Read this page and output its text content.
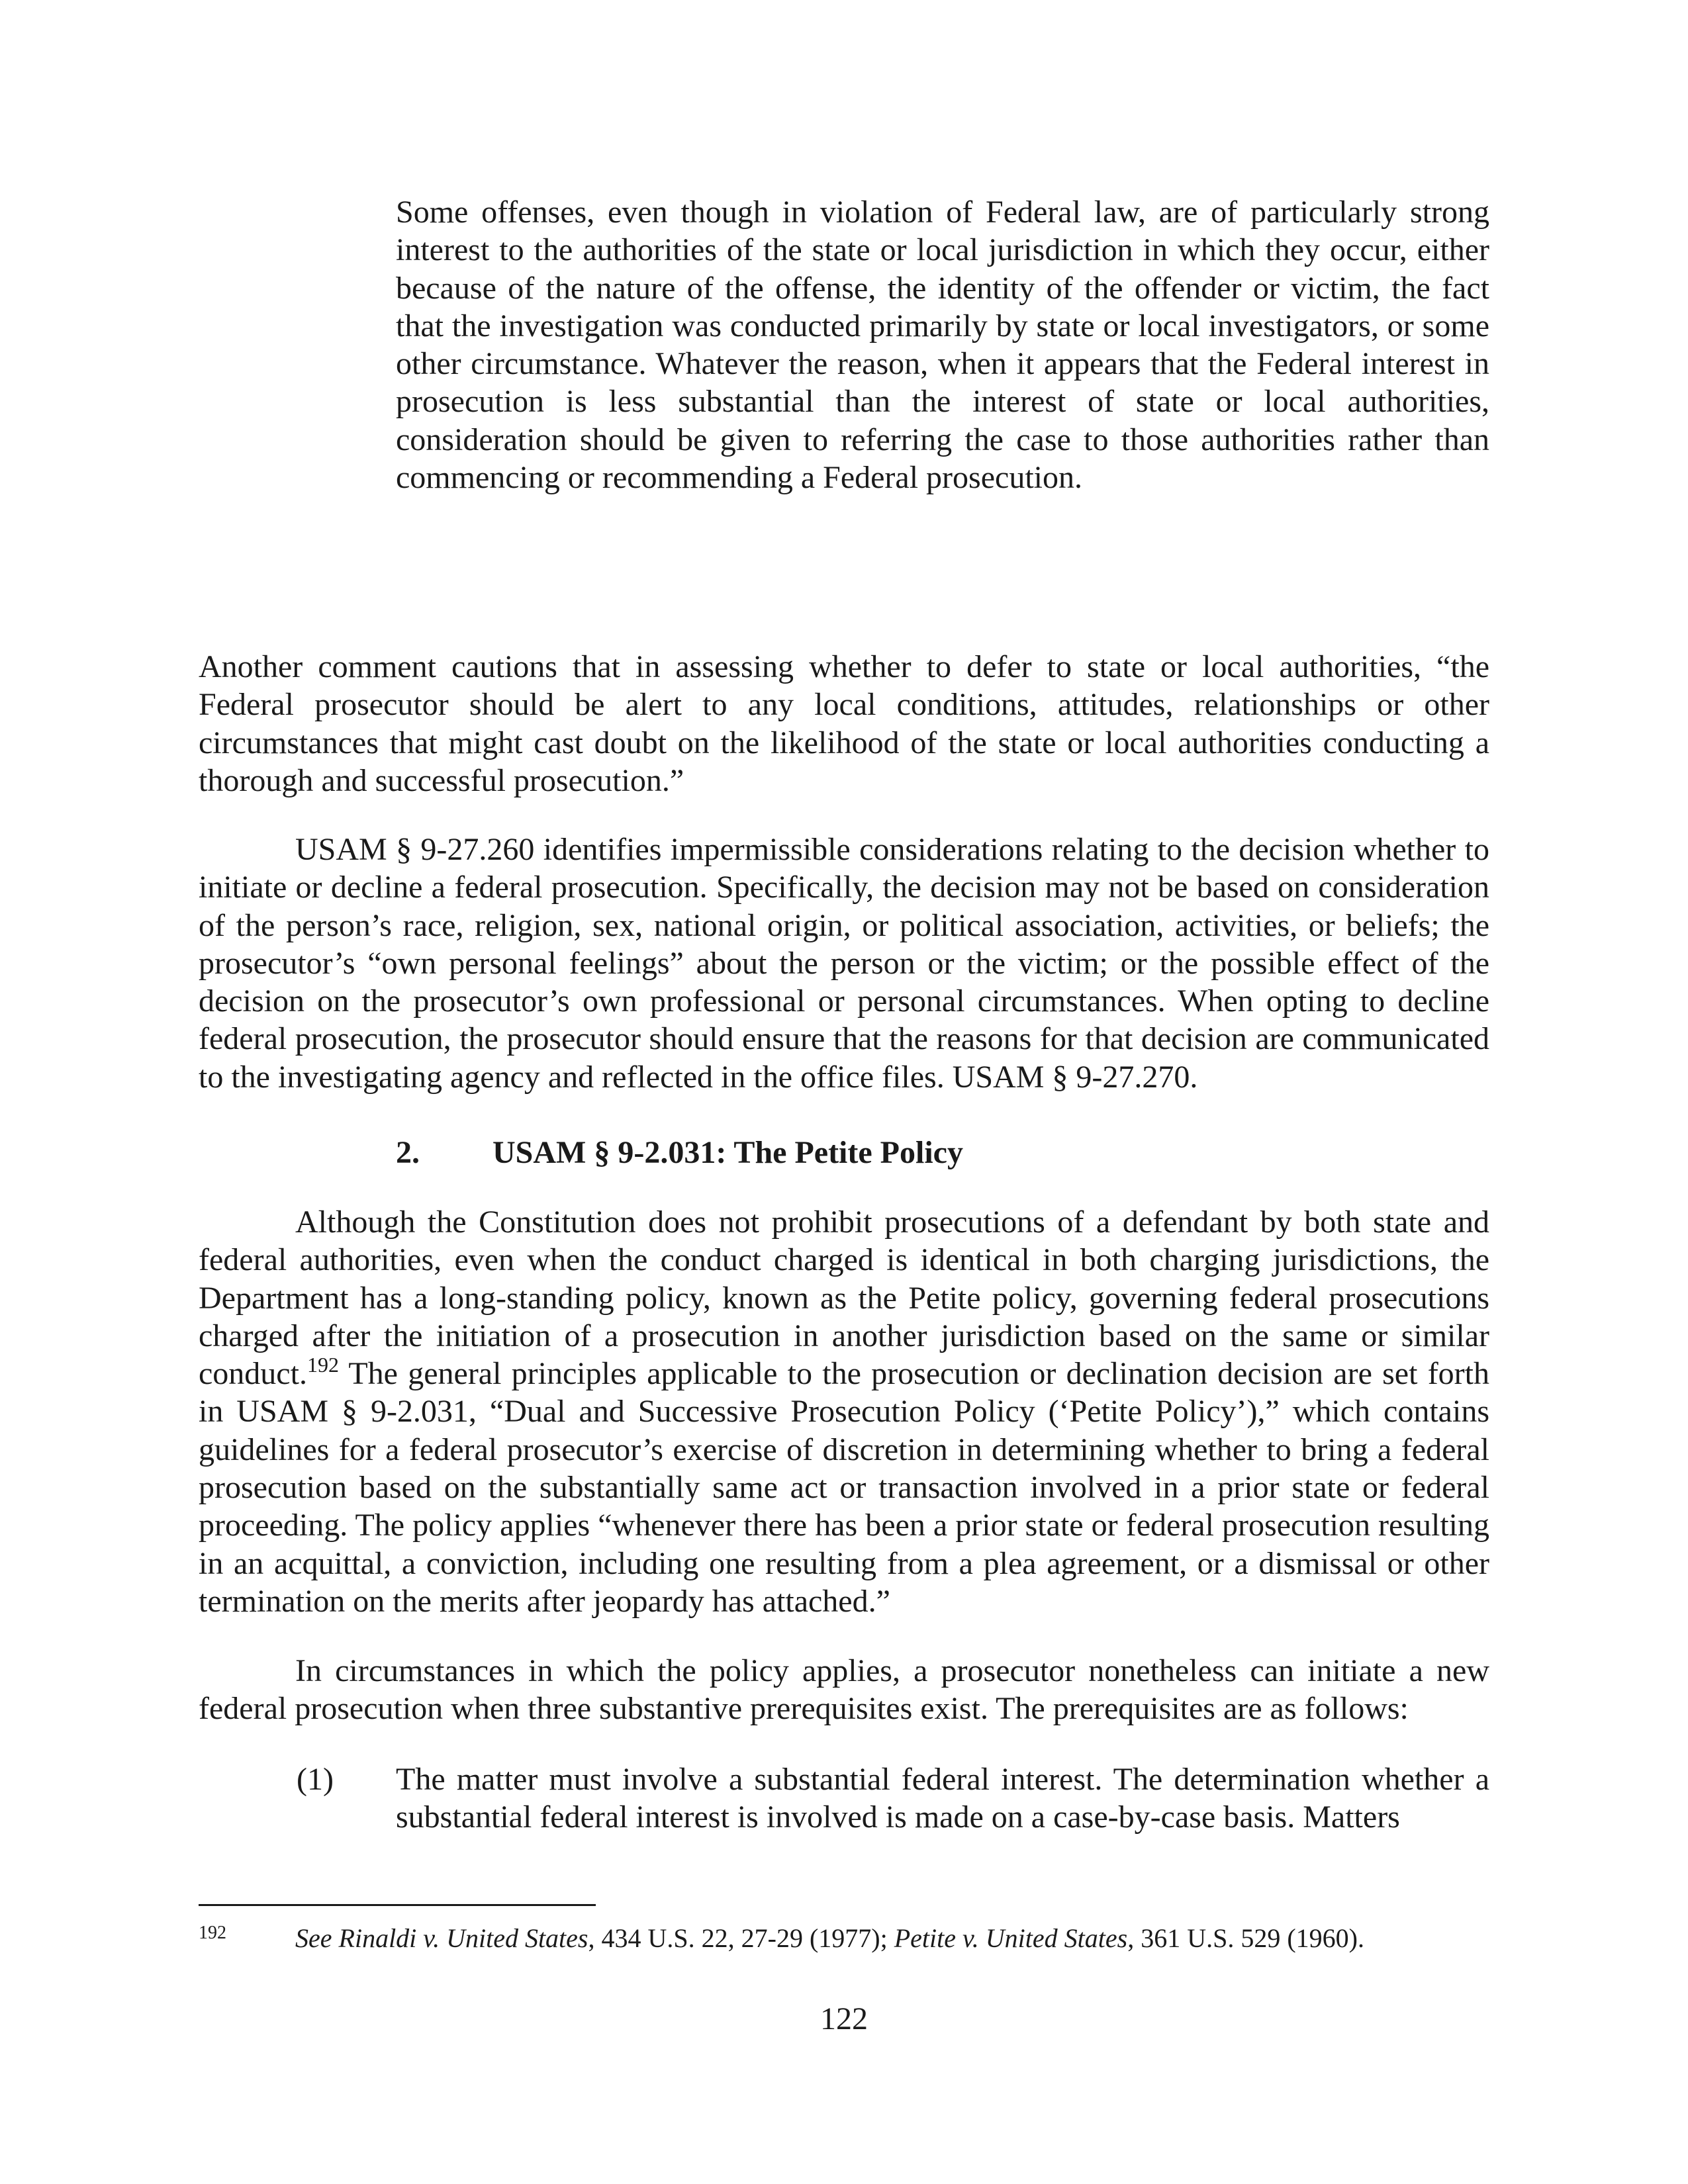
Some offenses, even though in violation of Federal law, are of particularly strong interest to the authorities of the state or local jurisdiction in which they occur, either because of the nature of the offense, the identity of the offender or victim, the fact that the investigation was conducted primarily by state or local investigators, or some other circumstance. Whatever the reason, when it appears that the Federal interest in prosecution is less substantial than the interest of state or local authorities, consideration should be given to referring the case to those authorities rather than commencing or recommending a Federal prosecution.

Another comment cautions that in assessing whether to defer to state or local authorities, “the Federal prosecutor should be alert to any local conditions, attitudes, relationships or other circumstances that might cast doubt on the likelihood of the state or local authorities conducting a thorough and successful prosecution.”

USAM § 9-27.260 identifies impermissible considerations relating to the decision whether to initiate or decline a federal prosecution. Specifically, the decision may not be based on consideration of the person’s race, religion, sex, national origin, or political association, activities, or beliefs; the prosecutor’s “own personal feelings” about the person or the victim; or the possible effect of the decision on the prosecutor’s own professional or personal circumstances. When opting to decline federal prosecution, the prosecutor should ensure that the reasons for that decision are communicated to the investigating agency and reflected in the office files. USAM § 9-27.270.

2. USAM § 9-2.031: The Petite Policy

Although the Constitution does not prohibit prosecutions of a defendant by both state and federal authorities, even when the conduct charged is identical in both charging jurisdictions, the Department has a long-standing policy, known as the Petite policy, governing federal prosecutions charged after the initiation of a prosecution in another jurisdiction based on the same or similar conduct.$^{192}$ The general principles applicable to the prosecution or declination decision are set forth in USAM § 9-2.031, “Dual and Successive Prosecution Policy (‘Petite Policy’),” which contains guidelines for a federal prosecutor’s exercise of discretion in determining whether to bring a federal prosecution based on the substantially same act or transaction involved in a prior state or federal proceeding. The policy applies “whenever there has been a prior state or federal prosecution resulting in an acquittal, a conviction, including one resulting from a plea agreement, or a dismissal or other termination on the merits after jeopardy has attached.”

In circumstances in which the policy applies, a prosecutor nonetheless can initiate a new federal prosecution when three substantive prerequisites exist. The prerequisites are as follows:

(1) The matter must involve a substantial federal interest. The determination whether a substantial federal interest is involved is made on a case-by-case basis. Matters

192	See Rinaldi v. United States, 434 U.S. 22, 27-29 (1977); Petite v. United States, 361 U.S. 529 (1960).
122
